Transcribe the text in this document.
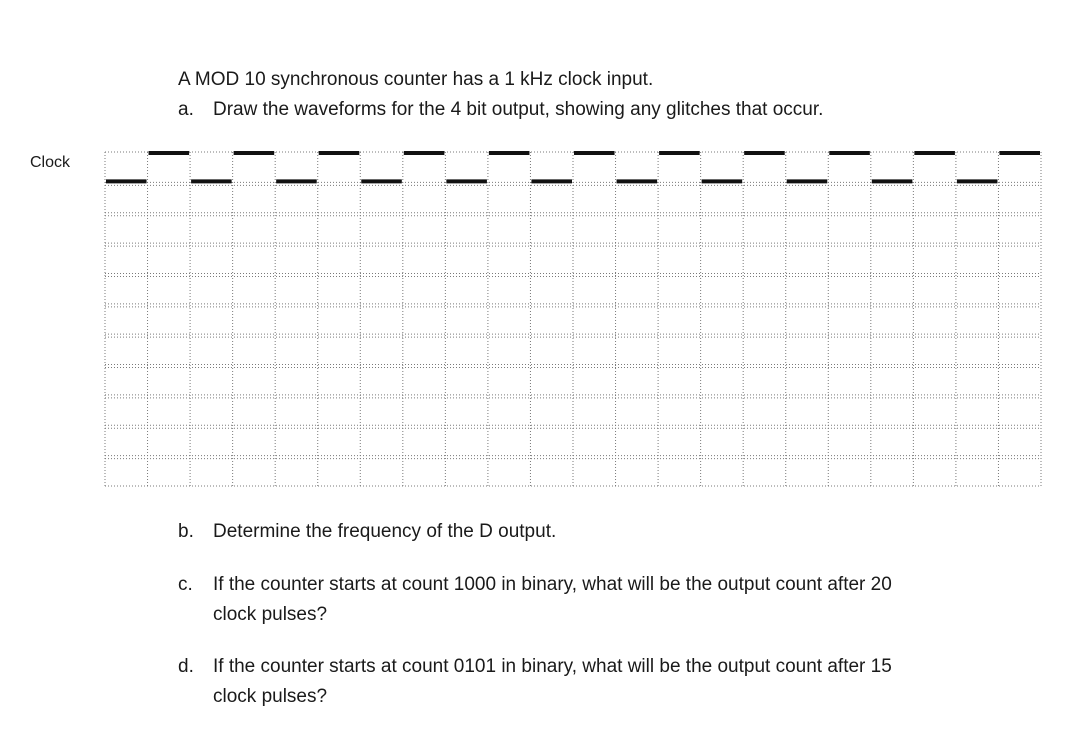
A MOD 10 synchronous counter has a 1 kHz clock input.
a. Draw the waveforms for the 4 bit output, showing any glitches that occur.
Clock
b. Determine the frequency of the D output.
c. If the counter starts at count 1000 in binary, what will be the output count after 20
clock pulses?
d. If the counter starts at count 0101 in binary, what will be the output count after 15
clock pulses?
